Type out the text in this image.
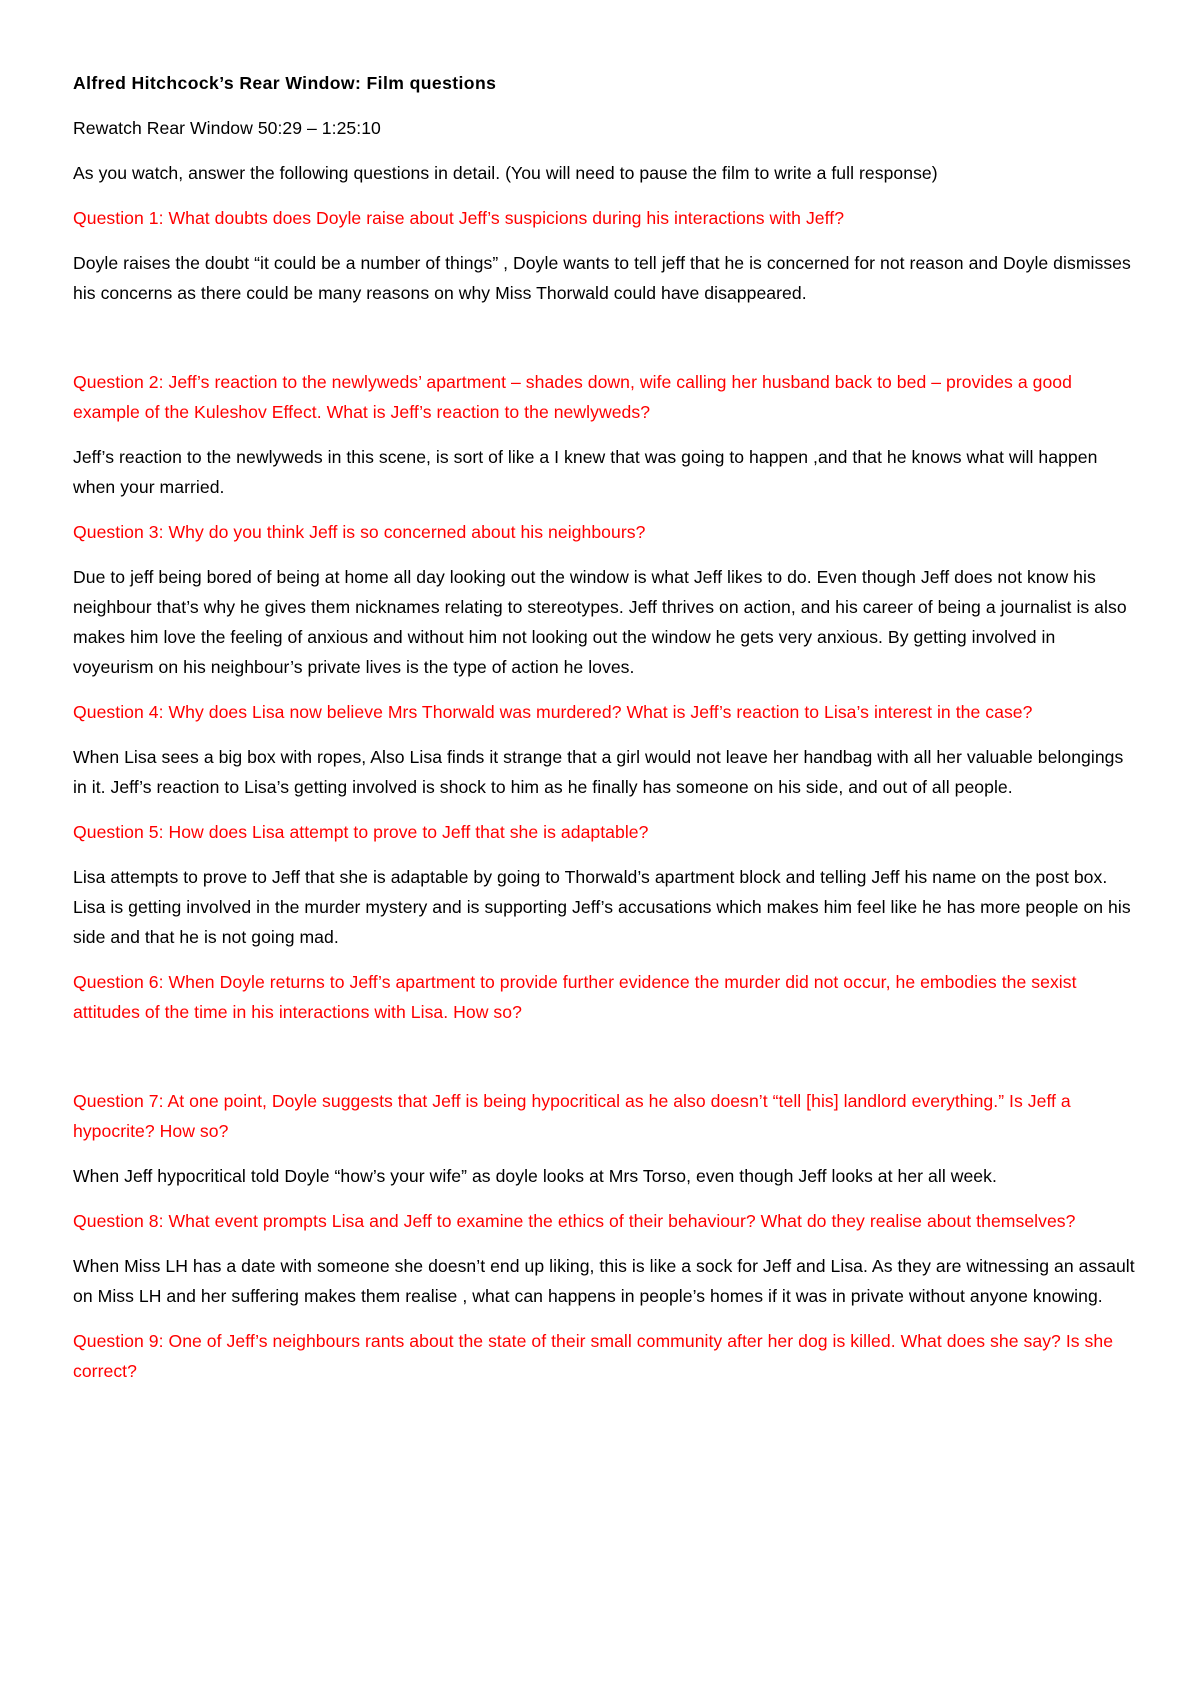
Alfred Hitchcock’s Rear Window: Film questions

Rewatch Rear Window 50:29 – 1:25:10

As you watch, answer the following questions in detail. (You will need to pause the film to write a full response)

Question 1: What doubts does Doyle raise about Jeff’s suspicions during his interactions with Jeff?

Doyle raises the doubt “it could be a number of things” , Doyle wants to tell jeff that he is concerned for not reason and Doyle dismisses his concerns as there could be many reasons on why Miss Thorwald could have disappeared.

Question 2: Jeff’s reaction to the newlyweds’ apartment – shades down, wife calling her husband back to bed – provides a good example of the Kuleshov Effect. What is Jeff’s reaction to the newlyweds?

Jeff’s reaction to the newlyweds in this scene, is sort of like a I knew that was going to happen ,and that he knows what will happen when your married.

Question 3: Why do you think Jeff is so concerned about his neighbours?

Due to jeff being bored of being at home all day looking out the window is what Jeff likes to do. Even though Jeff does not know his neighbour that’s why he gives them nicknames relating to stereotypes. Jeff thrives on action, and his career of being a journalist is also makes him love the feeling of anxious and without him not looking out the window he gets very anxious. By getting involved in voyeurism on his neighbour’s private lives is the type of action he loves.

Question 4: Why does Lisa now believe Mrs Thorwald was murdered? What is Jeff’s reaction to Lisa’s interest in the case?

When Lisa sees a big box with ropes, Also Lisa finds it strange that a girl would not leave her handbag with all her valuable belongings in it. Jeff’s reaction to Lisa’s getting involved is shock to him as he finally has someone on his side, and out of all people.

Question 5: How does Lisa attempt to prove to Jeff that she is adaptable?

Lisa attempts to prove to Jeff that she is adaptable by going to Thorwald’s apartment block and telling Jeff his name on the post box. Lisa is getting involved in the murder mystery and is supporting Jeff’s accusations which makes him feel like he has more people on his side and that he is not going mad.

Question 6: When Doyle returns to Jeff’s apartment to provide further evidence the murder did not occur, he embodies the sexist attitudes of the time in his interactions with Lisa. How so?

Question 7: At one point, Doyle suggests that Jeff is being hypocritical as he also doesn’t “tell [his] landlord everything.” Is Jeff a hypocrite? How so?

When Jeff hypocritical told Doyle “how’s your wife” as doyle looks at Mrs Torso, even though Jeff looks at her all week.

Question 8: What event prompts Lisa and Jeff to examine the ethics of their behaviour? What do they realise about themselves?

When Miss LH has a date with someone she doesn’t end up liking, this is like a sock for Jeff and Lisa. As they are witnessing an assault on Miss LH and her suffering makes them realise , what can happens in people’s homes if it was in private without anyone knowing.

Question 9: One of Jeff’s neighbours rants about the state of their small community after her dog is killed. What does she say? Is she correct?
